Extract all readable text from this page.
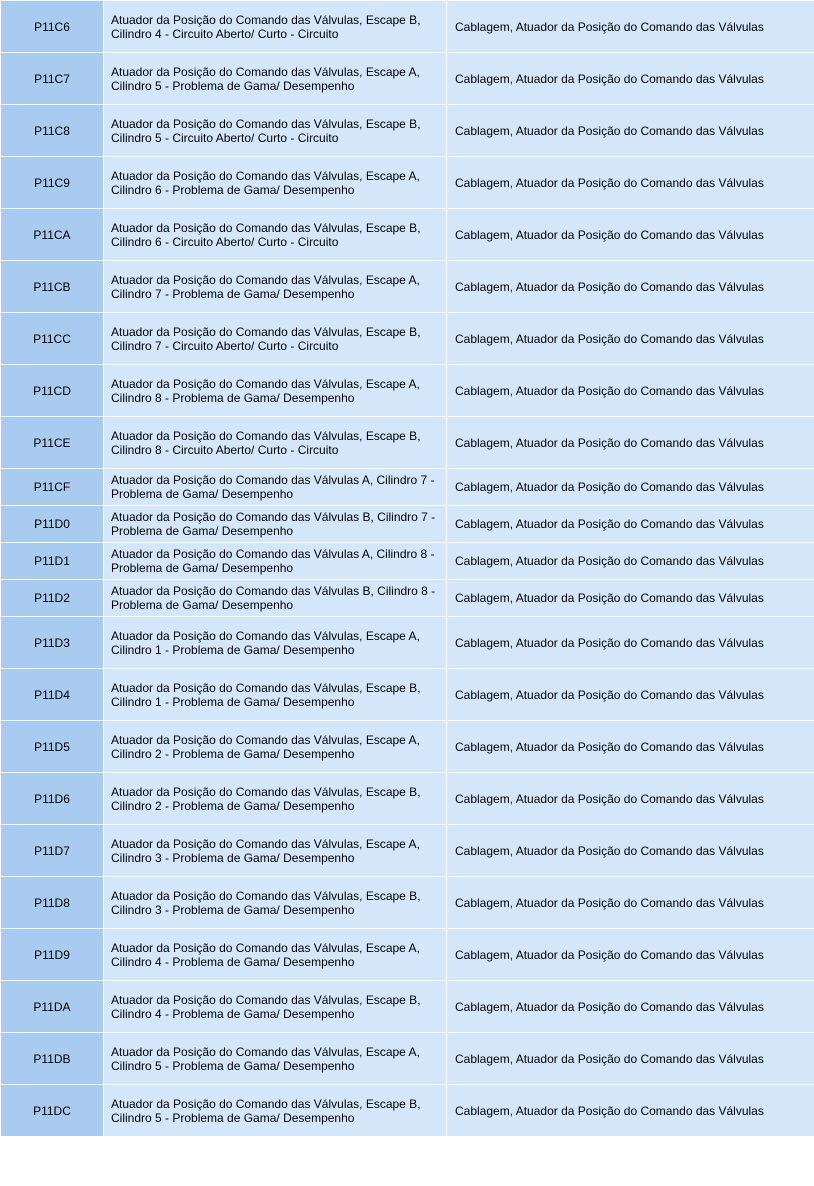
P11C6	Atuador da Posição do Comando das Válvulas, Escape B, Cilindro 4 - Circuito Aberto/ Curto - Circuito	Cablagem, Atuador da Posição do Comando das Válvulas
P11C7	Atuador da Posição do Comando das Válvulas, Escape A, Cilindro 5 - Problema de Gama/ Desempenho	Cablagem, Atuador da Posição do Comando das Válvulas
P11C8	Atuador da Posição do Comando das Válvulas, Escape B, Cilindro 5 - Circuito Aberto/ Curto - Circuito	Cablagem, Atuador da Posição do Comando das Válvulas
P11C9	Atuador da Posição do Comando das Válvulas, Escape A, Cilindro 6 - Problema de Gama/ Desempenho	Cablagem, Atuador da Posição do Comando das Válvulas
P11CA	Atuador da Posição do Comando das Válvulas, Escape B, Cilindro 6 - Circuito Aberto/ Curto - Circuito	Cablagem, Atuador da Posição do Comando das Válvulas
P11CB	Atuador da Posição do Comando das Válvulas, Escape A, Cilindro 7 - Problema de Gama/ Desempenho	Cablagem, Atuador da Posição do Comando das Válvulas
P11CC	Atuador da Posição do Comando das Válvulas, Escape B, Cilindro 7 - Circuito Aberto/ Curto - Circuito	Cablagem, Atuador da Posição do Comando das Válvulas
P11CD	Atuador da Posição do Comando das Válvulas, Escape A, Cilindro 8 - Problema de Gama/ Desempenho	Cablagem, Atuador da Posição do Comando das Válvulas
P11CE	Atuador da Posição do Comando das Válvulas, Escape B, Cilindro 8 - Circuito Aberto/ Curto - Circuito	Cablagem, Atuador da Posição do Comando das Válvulas
P11CF	Atuador da Posição do Comando das Válvulas A, Cilindro 7 - Problema de Gama/ Desempenho	Cablagem, Atuador da Posição do Comando das Válvulas
P11D0	Atuador da Posição do Comando das Válvulas B, Cilindro 7 - Problema de Gama/ Desempenho	Cablagem, Atuador da Posição do Comando das Válvulas
P11D1	Atuador da Posição do Comando das Válvulas A, Cilindro 8 - Problema de Gama/ Desempenho	Cablagem, Atuador da Posição do Comando das Válvulas
P11D2	Atuador da Posição do Comando das Válvulas B, Cilindro 8 - Problema de Gama/ Desempenho	Cablagem, Atuador da Posição do Comando das Válvulas
P11D3	Atuador da Posição do Comando das Válvulas, Escape A, Cilindro 1 - Problema de Gama/ Desempenho	Cablagem, Atuador da Posição do Comando das Válvulas
P11D4	Atuador da Posição do Comando das Válvulas, Escape B, Cilindro 1 - Problema de Gama/ Desempenho	Cablagem, Atuador da Posição do Comando das Válvulas
P11D5	Atuador da Posição do Comando das Válvulas, Escape A, Cilindro 2 - Problema de Gama/ Desempenho	Cablagem, Atuador da Posição do Comando das Válvulas
P11D6	Atuador da Posição do Comando das Válvulas, Escape B, Cilindro 2 - Problema de Gama/ Desempenho	Cablagem, Atuador da Posição do Comando das Válvulas
P11D7	Atuador da Posição do Comando das Válvulas, Escape A, Cilindro 3 - Problema de Gama/ Desempenho	Cablagem, Atuador da Posição do Comando das Válvulas
P11D8	Atuador da Posição do Comando das Válvulas, Escape B, Cilindro 3 - Problema de Gama/ Desempenho	Cablagem, Atuador da Posição do Comando das Válvulas
P11D9	Atuador da Posição do Comando das Válvulas, Escape A, Cilindro 4 - Problema de Gama/ Desempenho	Cablagem, Atuador da Posição do Comando das Válvulas
P11DA	Atuador da Posição do Comando das Válvulas, Escape B, Cilindro 4 - Problema de Gama/ Desempenho	Cablagem, Atuador da Posição do Comando das Válvulas
P11DB	Atuador da Posição do Comando das Válvulas, Escape A, Cilindro 5 - Problema de Gama/ Desempenho	Cablagem, Atuador da Posição do Comando das Válvulas
P11DC	Atuador da Posição do Comando das Válvulas, Escape B, Cilindro 5 - Problema de Gama/ Desempenho	Cablagem, Atuador da Posição do Comando das Válvulas
